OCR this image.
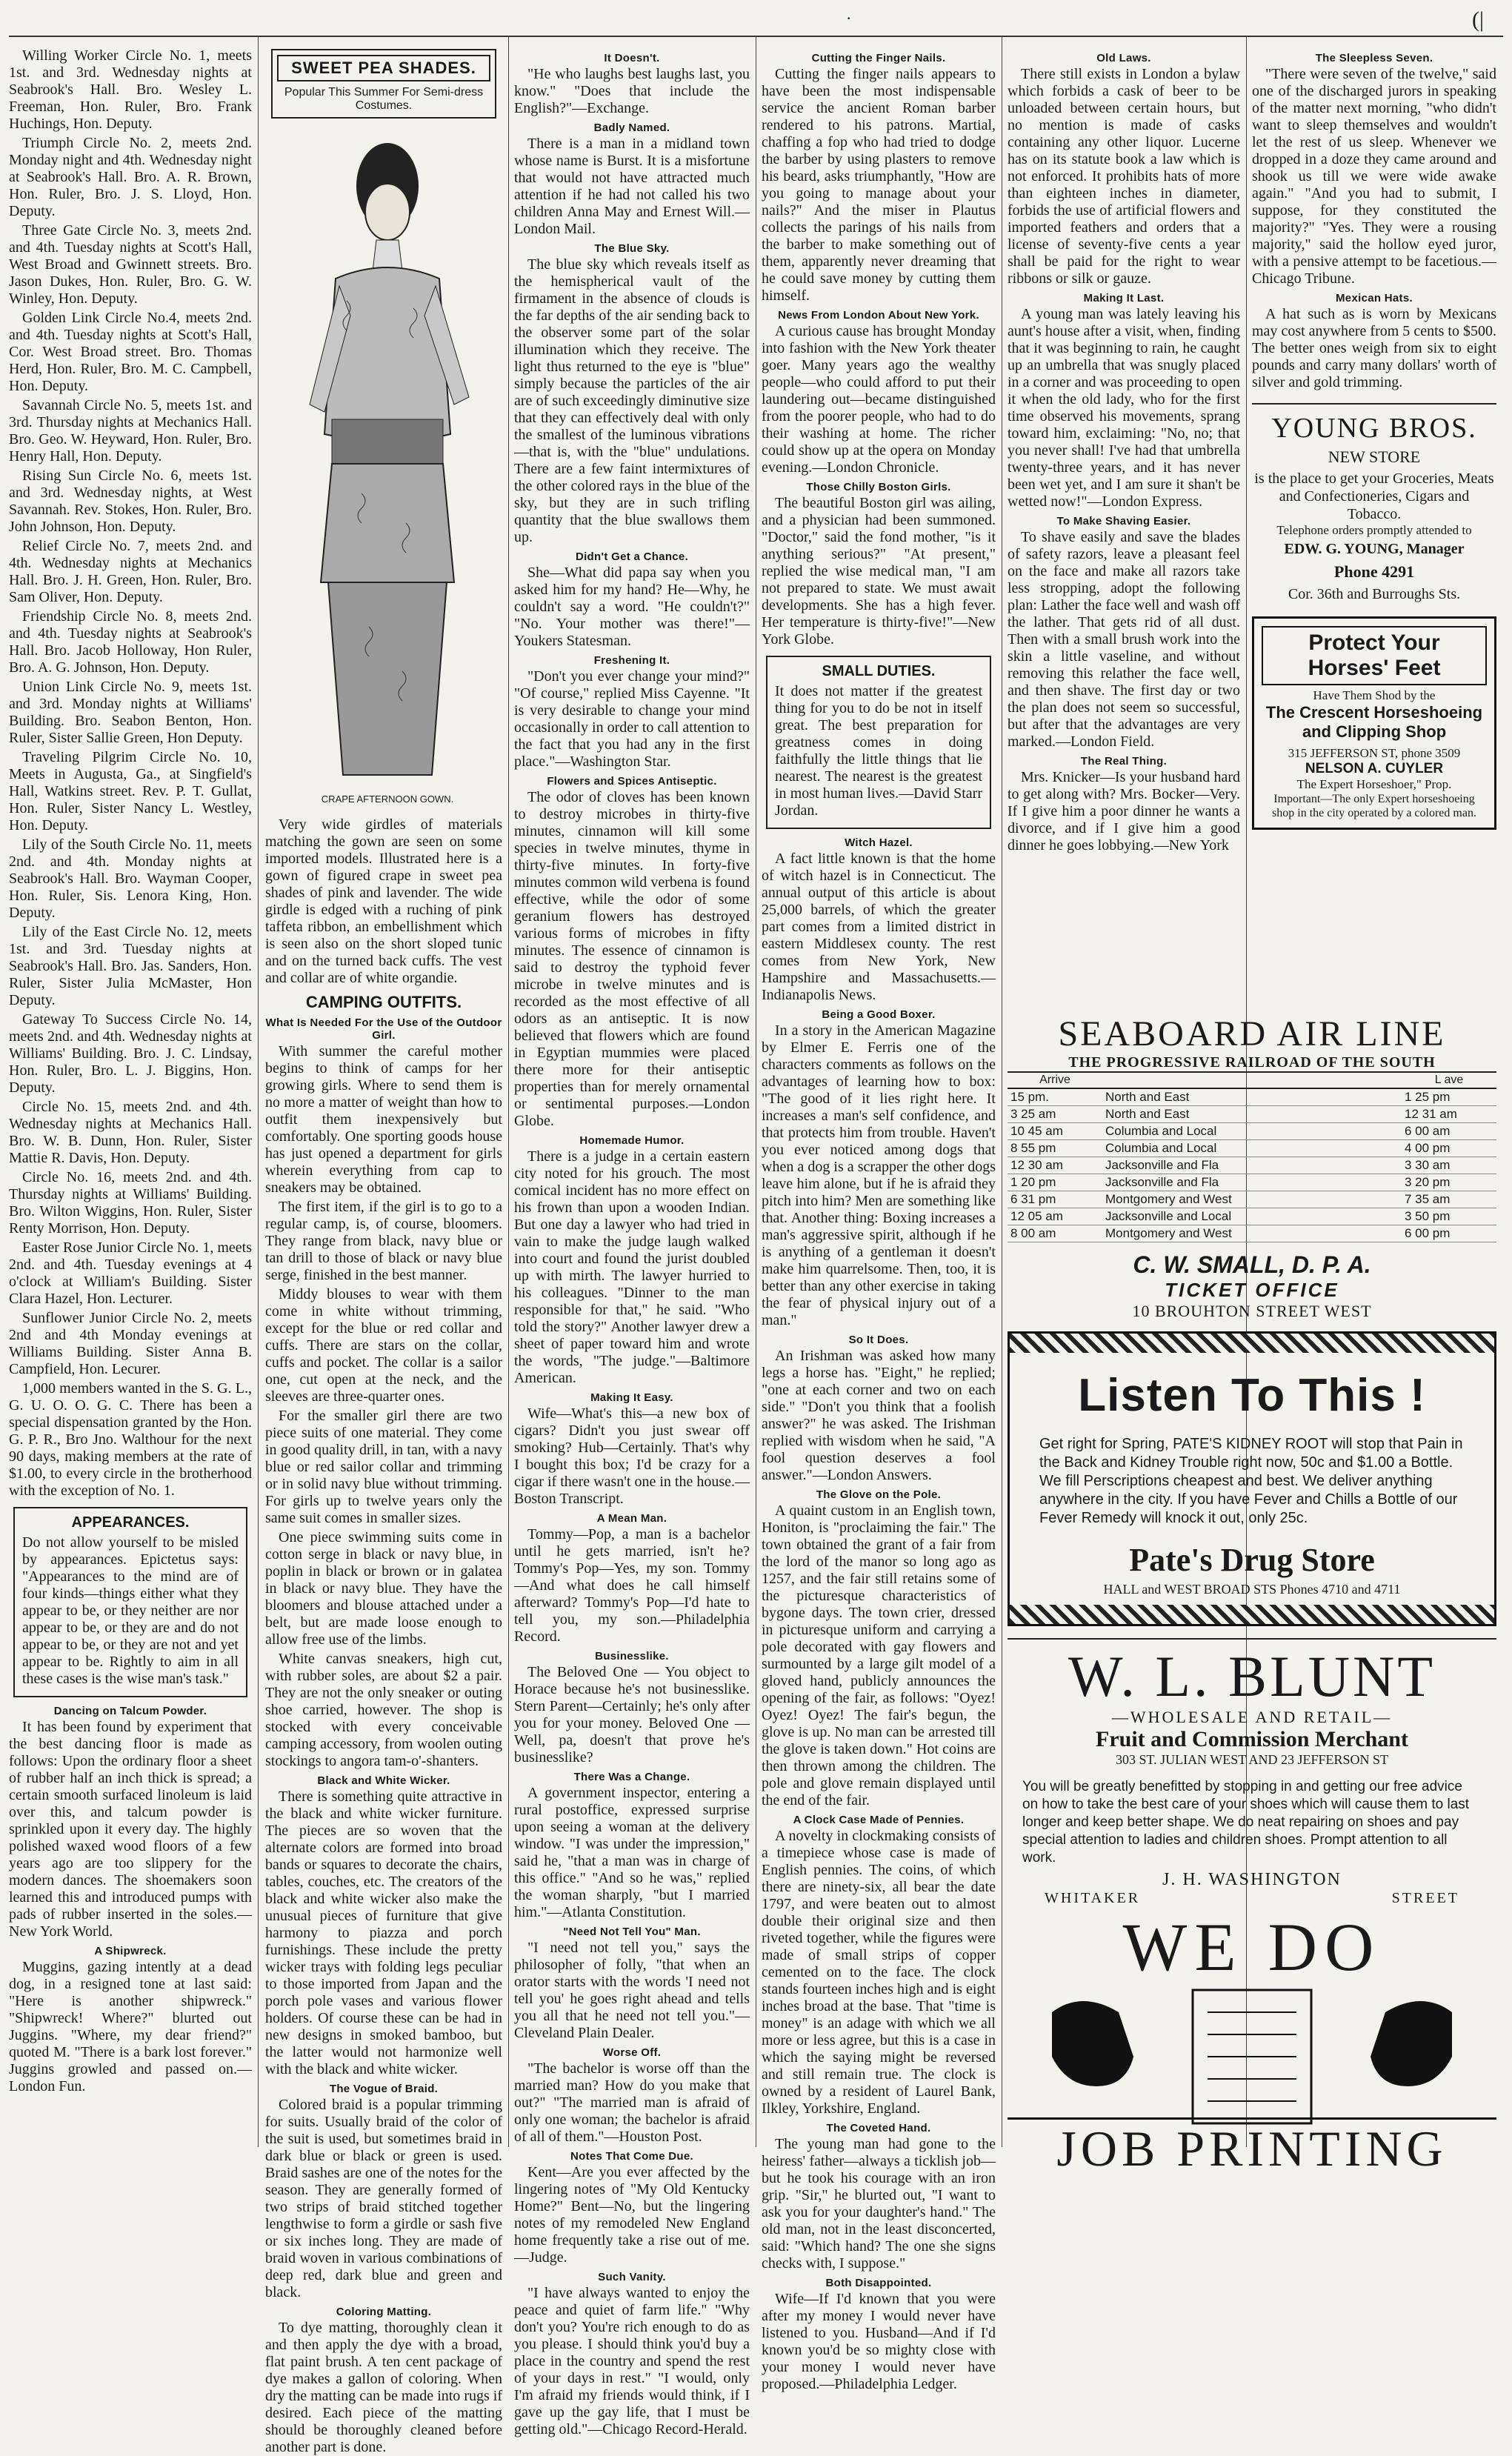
·	(|

Willing Worker Circle No. 1, meets 1st. and 3rd. Wednesday nights at Seabrook's Hall. Bro. Wesley L. Freeman, Hon. Ruler, Bro. Frank Huchings, Hon. Deputy.

Triumph Circle No. 2, meets 2nd. Monday night and 4th. Wednesday night at Seabrook's Hall. Bro. A. R. Brown, Hon. Ruler, Bro. J. S. Lloyd, Hon. Deputy.

Three Gate Circle No. 3, meets 2nd. and 4th. Tuesday nights at Scott's Hall, West Broad and Gwinnett streets. Bro. Jason Dukes, Hon. Ruler, Bro. G. W. Winley, Hon. Deputy.

Golden Link Circle No.4, meets 2nd. and 4th. Tuesday nights at Scott's Hall, Cor. West Broad street. Bro. Thomas Herd, Hon. Ruler, Bro. M. C. Campbell, Hon. Deputy.

Savannah Circle No. 5, meets 1st. and 3rd. Thursday nights at Mechanics Hall. Bro. Geo. W. Heyward, Hon. Ruler, Bro. Henry Hall, Hon. Deputy.

Rising Sun Circle No. 6, meets 1st. and 3rd. Wednesday nights, at West Savannah. Rev. Stokes, Hon. Ruler, Bro. John Johnson, Hon. Deputy.

Relief Circle No. 7, meets 2nd. and 4th. Wednesday nights at Mechanics Hall. Bro. J. H. Green, Hon. Ruler, Bro. Sam Oliver, Hon. Deputy.

Friendship Circle No. 8, meets 2nd. and 4th. Tuesday nights at Seabrook's Hall. Bro. Jacob Holloway, Hon Ruler, Bro. A. G. Johnson, Hon. Deputy.

Union Link Circle No. 9, meets 1st. and 3rd. Monday nights at Williams' Building. Bro. Seabon Benton, Hon. Ruler, Sister Sallie Green, Hon Deputy.

Traveling Pilgrim Circle No. 10, Meets in Augusta, Ga., at Singfield's Hall, Watkins street. Rev. P. T. Gullat, Hon. Ruler, Sister Nancy L. Westley, Hon. Deputy.

Lily of the South Circle No. 11, meets 2nd. and 4th. Monday nights at Seabrook's Hall. Bro. Wayman Cooper, Hon. Ruler, Sis. Lenora King, Hon. Deputy.

Lily of the East Circle No. 12, meets 1st. and 3rd. Tuesday nights at Seabrook's Hall. Bro. Jas. Sanders, Hon. Ruler, Sister Julia McMaster, Hon Deputy.

Gateway To Success Circle No. 14, meets 2nd. and 4th. Wednesday nights at Williams' Building. Bro. J. C. Lindsay, Hon. Ruler, Bro. L. J. Biggins, Hon. Deputy.

Circle No. 15, meets 2nd. and 4th. Wednesday nights at Mechanics Hall. Bro. W. B. Dunn, Hon. Ruler, Sister Mattie R. Davis, Hon. Deputy.

Circle No. 16, meets 2nd. and 4th. Thursday nights at Williams' Building. Bro. Wilton Wiggins, Hon. Ruler, Sister Renty Morrison, Hon. Deputy.

Easter Rose Junior Circle No. 1, meets 2nd. and 4th. Tuesday evenings at 4 o'clock at William's Building. Sister Clara Hazel, Hon. Lecturer.

Sunflower Junior Circle No. 2, meets 2nd and 4th Monday evenings at Williams Building. Sister Anna B. Campfield, Hon. Lecurer.

1,000 members wanted in the S. G. L., G. U. O. O. G. C. There has been a special dispensation granted by the Hon. G. P. R., Bro Jno. Walthour for the next 90 days, making members at the rate of $1.00, to every circle in the brotherhood with the exception of No. 1.

APPEARANCES.

Do not allow yourself to be misled by appearances. Epictetus says: "Appearances to the mind are of four kinds—things either what they appear to be, or they neither are nor appear to be, or they are and do not appear to be, or they are not and yet appear to be. Rightly to aim in all these cases is the wise man's task."

Dancing on Talcum Powder.

It has been found by experiment that the best dancing floor is made as follows: Upon the ordinary floor a sheet of rubber half an inch thick is spread; a certain smooth surfaced linoleum is laid over this, and talcum powder is sprinkled upon it every day. The highly polished waxed wood floors of a few years ago are too slippery for the modern dances. The shoemakers soon learned this and introduced pumps with pads of rubber inserted in the soles.—New York World.

A Shipwreck.

Muggins, gazing intently at a dead dog, in a resigned tone at last said: "Here is another shipwreck." "Shipwreck! Where?" blurted out Juggins. "Where, my dear friend?" quoted M. "There is a bark lost forever." Juggins growled and passed on.—London Fun.

SWEET PEA SHADES.
Popular This Summer For Semi-dress Costumes.
CRAPE AFTERNOON GOWN.

Very wide girdles of materials matching the gown are seen on some imported models. Illustrated here is a gown of figured crape in sweet pea shades of pink and lavender. The wide girdle is edged with a ruching of pink taffeta ribbon, an embellishment which is seen also on the short sloped tunic and on the turned back cuffs. The vest and collar are of white organdie.

CAMPING OUTFITS.
What Is Needed For the Use of the Outdoor Girl.

With summer the careful mother begins to think of camps for her growing girls. Where to send them is no more a matter of weight than how to outfit them inexpensively but comfortably. One sporting goods house has just opened a department for girls wherein everything from cap to sneakers may be obtained.

The first item, if the girl is to go to a regular camp, is, of course, bloomers. They range from black, navy blue or tan drill to those of black or navy blue serge, finished in the best manner.

Middy blouses to wear with them come in white without trimming, except for the blue or red collar and cuffs. There are stars on the collar, cuffs and pocket. The collar is a sailor one, cut open at the neck, and the sleeves are three-quarter ones.

For the smaller girl there are two piece suits of one material. They come in good quality drill, in tan, with a navy blue or red sailor collar and trimming or in solid navy blue without trimming. For girls up to twelve years only the same suit comes in smaller sizes.

One piece swimming suits come in cotton serge in black or navy blue, in poplin in black or brown or in galatea in black or navy blue. They have the bloomers and blouse attached under a belt, but are made loose enough to allow free use of the limbs.

White canvas sneakers, high cut, with rubber soles, are about $2 a pair. They are not the only sneaker or outing shoe carried, however. The shop is stocked with every conceivable camping accessory, from woolen outing stockings to angora tam-o'-shanters.

Black and White Wicker.

There is something quite attractive in the black and white wicker furniture. The pieces are so woven that the alternate colors are formed into broad bands or squares to decorate the chairs, tables, couches, etc. The creators of the black and white wicker also make the unusual pieces of furniture that give harmony to piazza and porch furnishings. These include the pretty wicker trays with folding legs peculiar to those imported from Japan and the porch pole vases and various flower holders. Of course these can be had in new designs in smoked bamboo, but the latter would not harmonize well with the black and white wicker.

The Vogue of Braid.

Colored braid is a popular trimming for suits. Usually braid of the color of the suit is used, but sometimes braid in dark blue or black or green is used. Braid sashes are one of the notes for the season. They are generally formed of two strips of braid stitched together lengthwise to form a girdle or sash five or six inches long. They are made of braid woven in various combinations of deep red, dark blue and green and black.

Coloring Matting.

To dye matting, thoroughly clean it and then apply the dye with a broad, flat paint brush. A ten cent package of dye makes a gallon of coloring. When dry the matting can be made into rugs if desired. Each piece of the matting should be thoroughly cleaned before another part is done.

It Doesn't.

"He who laughs best laughs last, you know." "Does that include the English?"—Exchange.

Badly Named.

There is a man in a midland town whose name is Burst. It is a misfortune that would not have attracted much attention if he had not called his two children Anna May and Ernest Will.—London Mail.

The Blue Sky.

The blue sky which reveals itself as the hemispherical vault of the firmament in the absence of clouds is the far depths of the air sending back to the observer some part of the solar illumination which they receive. The light thus returned to the eye is "blue" simply because the particles of the air are of such exceedingly diminutive size that they can effectively deal with only the smallest of the luminous vibrations—that is, with the "blue" undulations. There are a few faint intermixtures of the other colored rays in the blue of the sky, but they are in such trifling quantity that the blue swallows them up.

Didn't Get a Chance.

She—What did papa say when you asked him for my hand? He—Why, he couldn't say a word. "He couldn't?" "No. Your mother was there!"—Youkers Statesman.

Freshening It.

"Don't you ever change your mind?" "Of course," replied Miss Cayenne. "It is very desirable to change your mind occasionally in order to call attention to the fact that you had any in the first place."—Washington Star.

Flowers and Spices Antiseptic.

The odor of cloves has been known to destroy microbes in thirty-five minutes, cinnamon will kill some species in twelve minutes, thyme in thirty-five minutes. In forty-five minutes common wild verbena is found effective, while the odor of some geranium flowers has destroyed various forms of microbes in fifty minutes. The essence of cinnamon is said to destroy the typhoid fever microbe in twelve minutes and is recorded as the most effective of all odors as an antiseptic. It is now believed that flowers which are found in Egyptian mummies were placed there more for their antiseptic properties than for merely ornamental or sentimental purposes.—London Globe.

Homemade Humor.

There is a judge in a certain eastern city noted for his grouch. The most comical incident has no more effect on his frown than upon a wooden Indian. But one day a lawyer who had tried in vain to make the judge laugh walked into court and found the jurist doubled up with mirth. The lawyer hurried to his colleagues. "Dinner to the man responsible for that," he said. "Who told the story?" Another lawyer drew a sheet of paper toward him and wrote the words, "The judge."—Baltimore American.

Making It Easy.

Wife—What's this—a new box of cigars? Didn't you just swear off smoking? Hub—Certainly. That's why I bought this box; I'd be crazy for a cigar if there wasn't one in the house.—Boston Transcript.

A Mean Man.

Tommy—Pop, a man is a bachelor until he gets married, isn't he? Tommy's Pop—Yes, my son. Tommy—And what does he call himself afterward? Tommy's Pop—I'd hate to tell you, my son.—Philadelphia Record.

Businesslike.

The Beloved One — You object to Horace because he's not businesslike. Stern Parent—Certainly; he's only after you for your money. Beloved One —Well, pa, doesn't that prove he's businesslike?

There Was a Change.

A government inspector, entering a rural postoffice, expressed surprise upon seeing a woman at the delivery window. "I was under the impression," said he, "that a man was in charge of this office." "And so he was," replied the woman sharply, "but I married him."—Atlanta Constitution.

"Need Not Tell You" Man.

"I need not tell you," says the philosopher of folly, "that when an orator starts with the words 'I need not tell you' he goes right ahead and tells you all that he need not tell you."—Cleveland Plain Dealer.

Worse Off.

"The bachelor is worse off than the married man? How do you make that out?" "The married man is afraid of only one woman; the bachelor is afraid of all of them."—Houston Post.

Notes That Come Due.

Kent—Are you ever affected by the lingering notes of "My Old Kentucky Home?" Bent—No, but the lingering notes of my remodeled New England home frequently take a rise out of me. —Judge.

Such Vanity.

"I have always wanted to enjoy the peace and quiet of farm life." "Why don't you? You're rich enough to do as you please. I should think you'd buy a place in the country and spend the rest of your days in rest." "I would, only I'm afraid my friends would think, if I gave up the gay life, that I must be getting old."—Chicago Record-Herald.

Cutting the Finger Nails.

Cutting the finger nails appears to have been the most indispensable service the ancient Roman barber rendered to his patrons. Martial, chaffing a fop who had tried to dodge the barber by using plasters to remove his beard, asks triumphantly, "How are you going to manage about your nails?" And the miser in Plautus collects the parings of his nails from the barber to make something out of them, apparently never dreaming that he could save money by cutting them himself.

News From London About New York.

A curious cause has brought Monday into fashion with the New York theater goer. Many years ago the wealthy people—who could afford to put their laundering out—became distinguished from the poorer people, who had to do their washing at home. The richer could show up at the opera on Monday evening.—London Chronicle.

Those Chilly Boston Girls.

The beautiful Boston girl was ailing, and a physician had been summoned. "Doctor," said the fond mother, "is it anything serious?" "At present," replied the wise medical man, "I am not prepared to state. We must await developments. She has a high fever. Her temperature is thirty-five!"—New York Globe.

SMALL DUTIES.

It does not matter if the greatest thing for you to do be not in itself great. The best preparation for greatness comes in doing faithfully the little things that lie nearest. The nearest is the greatest in most human lives.—David Starr Jordan.

Witch Hazel.

A fact little known is that the home of witch hazel is in Connecticut. The annual output of this article is about 25,000 barrels, of which the greater part comes from a limited district in eastern Middlesex county. The rest comes from New York, New Hampshire and Massachusetts.—Indianapolis News.

Being a Good Boxer.

In a story in the American Magazine by Elmer E. Ferris one of the characters comments as follows on the advantages of learning how to box: "The good of it lies right here. It increases a man's self confidence, and that protects him from trouble. Haven't you ever noticed among dogs that when a dog is a scrapper the other dogs leave him alone, but if he is afraid they pitch into him? Men are something like that. Another thing: Boxing increases a man's aggressive spirit, although if he is anything of a gentleman it doesn't make him quarrelsome. Then, too, it is better than any other exercise in taking the fear of physical injury out of a man."

So It Does.

An Irishman was asked how many legs a horse has. "Eight," he replied; "one at each corner and two on each side." "Don't you think that a foolish answer?" he was asked. The Irishman replied with wisdom when he said, "A fool question deserves a fool answer."—London Answers.

The Glove on the Pole.

A quaint custom in an English town, Honiton, is "proclaiming the fair." The town obtained the grant of a fair from the lord of the manor so long ago as 1257, and the fair still retains some of the picturesque characteristics of bygone days. The town crier, dressed in picturesque uniform and carrying a pole decorated with gay flowers and surmounted by a large gilt model of a gloved hand, publicly announces the opening of the fair, as follows: "Oyez! Oyez! Oyez! The fair's begun, the glove is up. No man can be arrested till the glove is taken down." Hot coins are then thrown among the children. The pole and glove remain displayed until the end of the fair.

A Clock Case Made of Pennies.

A novelty in clockmaking consists of a timepiece whose case is made of English pennies. The coins, of which there are ninety-six, all bear the date 1797, and were beaten out to almost double their original size and then riveted together, while the figures were made of small strips of copper cemented on to the face. The clock stands fourteen inches high and is eight inches broad at the base. That "time is money" is an adage with which we all more or less agree, but this is a case in which the saying might be reversed and still remain true. The clock is owned by a resident of Laurel Bank, Ilkley, Yorkshire, England.

The Coveted Hand.

The young man had gone to the heiress' father—always a ticklish job—but he took his courage with an iron grip. "Sir," he blurted out, "I want to ask you for your daughter's hand." The old man, not in the least disconcerted, said: "Which hand? The one she signs checks with, I suppose."

Both Disappointed.

Wife—If I'd known that you were after my money I would never have listened to you. Husband—And if I'd known you'd be so mighty close with your money I would never have proposed.—Philadelphia Ledger.

Old Laws.

There still exists in London a bylaw which forbids a cask of beer to be unloaded between certain hours, but no mention is made of casks containing any other liquor. Lucerne has on its statute book a law which is not enforced. It prohibits hats of more than eighteen inches in diameter, forbids the use of artificial flowers and imported feathers and orders that a license of seventy-five cents a year shall be paid for the right to wear ribbons or silk or gauze.

Making It Last.

A young man was lately leaving his aunt's house after a visit, when, finding that it was beginning to rain, he caught up an umbrella that was snugly placed in a corner and was proceeding to open it when the old lady, who for the first time observed his movements, sprang toward him, exclaiming: "No, no; that you never shall! I've had that umbrella twenty-three years, and it has never been wet yet, and I am sure it shan't be wetted now!"—London Express.

To Make Shaving Easier.

To shave easily and save the blades of safety razors, leave a pleasant feel on the face and make all razors take less stropping, adopt the following plan: Lather the face well and wash off the lather. That gets rid of all dust. Then with a small brush work into the skin a little vaseline, and without removing this relather the face well, and then shave. The first day or two the plan does not seem so successful, but after that the advantages are very marked.—London Field.

The Real Thing.

Mrs. Knicker—Is your husband hard to get along with? Mrs. Bocker—Very. If I give him a poor dinner he wants a divorce, and if I give him a good dinner he goes lobbying.—New York

The Sleepless Seven.

"There were seven of the twelve," said one of the discharged jurors in speaking of the matter next morning, "who didn't want to sleep themselves and wouldn't let the rest of us sleep. Whenever we dropped in a doze they came around and shook us till we were wide awake again." "And you had to submit, I suppose, for they constituted the majority?" "Yes. They were a rousing majority," said the hollow eyed juror, with a pensive attempt to be facetious.—Chicago Tribune.

Mexican Hats.

A hat such as is worn by Mexicans may cost anywhere from 5 cents to $500. The better ones weigh from six to eight pounds and carry many dollars' worth of silver and gold trimming.

YOUNG BROS.
NEW STORE
is the place to get your Groceries, Meats and Confectioneries, Cigars and Tobacco.
Telephone orders promptly attended to
EDW. G. YOUNG, Manager
Phone 4291
Cor. 36th and Burroughs Sts.
Protect Your Horses' Feet
Have Them Shod by the
The Crescent Horseshoeing and Clipping Shop
315 JEFFERSON ST, phone 3509
NELSON A. CUYLER
The Expert Horseshoer," Prop.
Important—The only Expert horseshoeing shop in the city operated by a colored man.
SEABOARD AIR LINE
THE PROGRESSIVE RAILROAD OF THE SOUTH
Arrive		L ave
15 pm.	North and East	1 25 pm
3 25 am	North and East	12 31 am
10 45 am	Columbia and Local	6 00 am
8 55 pm	Columbia and Local	4 00 pm
12 30 am	Jacksonville and Fla	3 30 am
1 20 pm	Jacksonville and Fla	3 20 pm
6 31 pm	Montgomery and West	7 35 am
12 05 am	Jacksonville and Local	3 50 pm
8 00 am	Montgomery and West	6 00 pm
C. W. SMALL, D. P. A.
TICKET OFFICE
10 BROUHTON STREET WEST
Listen To This !
Get right for Spring, PATE'S KIDNEY ROOT will stop that Pain in the Back and Kidney Trouble right now, 50c and $1.00 a Bottle. We fill Perscriptions cheapest and best. We deliver anything anywhere in the city. If you have Fever and Chills a Bottle of our Fever Remedy will knock it out, only 25c.
Pate's Drug Store
HALL and WEST BROAD STS Phones 4710 and 4711
W. L. BLUNT
—WHOLESALE AND RETAIL—
Fruit and Commission Merchant
303 ST. JULIAN WEST AND 23 JEFFERSON ST
You will be greatly benefitted by stopping in and getting our free advice on how to take the best care of your shoes which will cause them to last longer and keep better shape. We do neat repairing on shoes and pay special attention to ladies and children shoes. Prompt attention to all work.
J. H. WASHINGTON
WHITAKER	STREET
WE DO
JOB PRINTING
